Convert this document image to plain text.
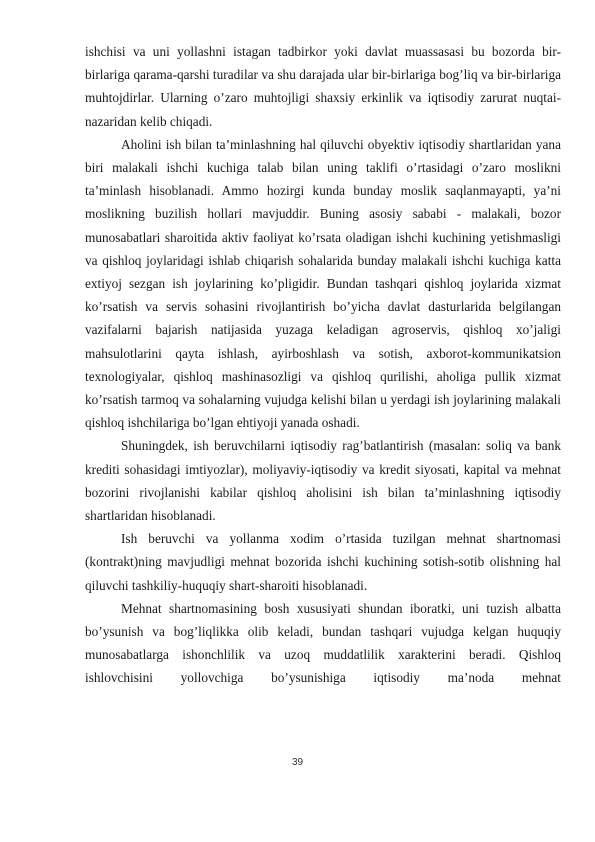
ishchisi va uni yollashni istagan tadbirkor yoki davlat muassasasi bu bozorda bir-birlariga qarama-qarshi turadilar va shu darajada ular bir-birlariga bog’liq va bir-birlariga muhtojdirlar. Ularning o’zaro muhtojligi shaxsiy erkinlik va iqtisodiy zarurat nuqtai-nazaridan kelib chiqadi.

Aholini ish bilan ta’minlashning hal qiluvchi obyektiv iqtisodiy shartlaridan yana biri malakali ishchi kuchiga talab bilan uning taklifi o’rtasidagi o’zaro moslikni ta’minlash hisoblanadi. Ammo hozirgi kunda bunday moslik saqlanmayapti, ya’ni moslikning buzilish hollari mavjuddir. Buning asosiy sababi - malakali, bozor munosabatlari sharoitida aktiv faoliyat ko’rsata oladigan ishchi kuchining yetishmasligi va qishloq joylaridagi ishlab chiqarish sohalarida bunday malakali ishchi kuchiga katta extiyoj sezgan ish joylarining ko’pligidir. Bundan tashqari qishloq joylarida xizmat ko’rsatish va servis sohasini rivojlantirish bo’yicha davlat dasturlarida belgilangan vazifalarni bajarish natijasida yuzaga keladigan agroservis, qishloq xo’jaligi mahsulotlarini qayta ishlash, ayirboshlash va sotish, axborot-kommunikatsion texnologiyalar, qishloq mashinasozligi va qishloq qurilishi, aholiga pullik xizmat ko’rsatish tarmoq va sohalarning vujudga kelishi bilan u yerdagi ish joylarining malakali qishloq ishchilariga bo’lgan ehtiyoji yanada oshadi.

Shuningdek, ish beruvchilarni iqtisodiy rag’batlantirish (masalan: soliq va bank krediti sohasidagi imtiyozlar), moliyaviy-iqtisodiy va kredit siyosati, kapital va mehnat bozorini rivojlanishi kabilar qishloq aholisini ish bilan ta’minlashning iqtisodiy shartlaridan hisoblanadi.

Ish beruvchi va yollanma xodim o’rtasida tuzilgan mehnat shartnomasi (kontrakt)ning mavjudligi mehnat bozorida ishchi kuchining sotish-sotib olishning hal qiluvchi tashkiliy-huquqiy shart-sharoiti hisoblanadi.

Mehnat shartnomasining bosh xususiyati shundan iboratki, uni tuzish albatta bo’ysunish va bog’liqlikka olib keladi, bundan tashqari vujudga kelgan huquqiy munosabatlarga ishonchlilik va uzoq muddatlilik xarakterini beradi. Qishloq ishlovchisini yollovchiga bo’ysunishiga iqtisodiy ma’noda mehnat

39
